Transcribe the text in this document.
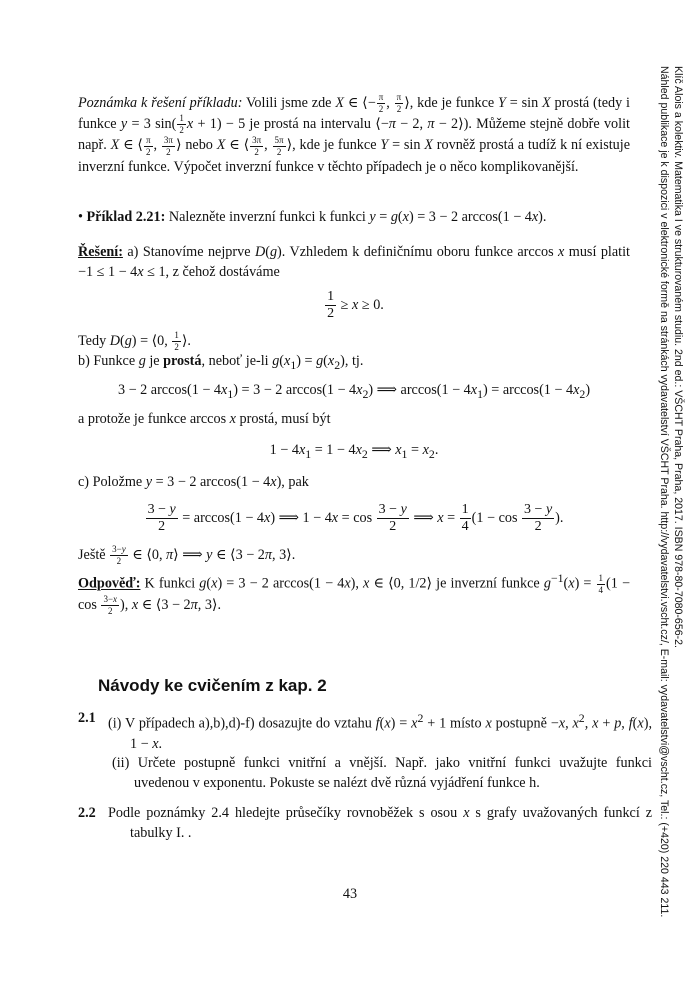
Klíč Alois a kolektiv. Matematika I ve strukturovaném studiu. 2nd ed.: VŠCHT Praha, Praha, 2017. ISBN 978-80-7080-656-2.
Náhled publikace je k dispozici v elektronické formě na stránkách vydavatelství VŠCHT Praha. http://vydavatelstvi.vscht.cz/, E-mail: vydavatelstvi@vscht.cz, Tel.: (+420) 220 443 211.
Poznámka k řešení příkladu: Volili jsme zde X ∈ ⟨− $\frac{\pi}{2}$ , $\frac{\pi}{2}$ ⟩, kde je funkce Y = sin X prostá (tedy i funkce y = 3 $\sin( \frac{1}{2}$ x + 1) − 5 je prostá na intervalu ⟨−π − 2, π − 2⟩). Můžeme stejně dobře volit např. X ∈ ⟨ $\frac{\pi}{2}$ , $\frac{3\pi}{2}$ ⟩ nebo X ∈ ⟨ $\frac{3\pi}{2}$ , $\frac{5\pi}{2}$ ⟩, kde je funkce Y = sin X rovněž prostá a tudíž k ní existuje inverzní funkce. Výpočet inverzní funkce v těchto případech je o něco komplikovanější.
• Příklad 2.21: Nalezněte inverzní funkci k funkci y = g(x) = 3 − 2 arccos(1 − 4x).
Řešení: a) Stanovíme nejprve D(g). Vzhledem k definičnímu oboru funkce arccos x musí platit −1 ≤ 1 − 4x ≤ 1, z čehož dostáváme
$\frac{1}{2} \ge x \ge 0$.
Tedy D(g) = ⟨0, $\frac{1}{2}$ ⟩.
b) Funkce g je prostá, neboť je-li $g(x_1) = g(x_2)$, tj.
3 − 2 $\arccos(1 - 4x_1) = 3 - 2$ $\arccos(1 - 4x_2)$ ⟹ $\arccos(1 - 4x_1) = \arccos(1 - 4x_2)$
a protože je funkce arccos x prostá, musí být
$1 - 4x_1 = 1 - 4x_2$ ⟹ $x_1 = x_2$.
c) Položme y = 3 − 2 arccos(1 − 4x), pak
$\frac{3 - y}{2} = \arccos(1 - 4x)$ ⟹ $1 - 4x = \cos \frac{3 - y}{2}$ ⟹ $x = \frac{1}{4} (1 - \cos \frac{3 - y}{2}$ ).
Ještě $\frac{3-y}{2}$ ∈ ⟨0, π⟩ ⟹ y ∈ ⟨3 − 2π, 3⟩.
Odpověď: K funkci g(x) = 3 − 2 arccos(1 − 4x), x ∈ ⟨0, 1/2⟩ je inverzní funkce $g^{-1}(x) = \frac{1}{4} (1 - \cos \frac{3-x}{2}$ ), x ∈ ⟨3 − 2π, 3⟩.
Návody ke cvičením z kap. 2
2.1 (i) V případech a),b),d)-f) dosazujte do vztahu $f(x) = x^2 + 1$ místo x postupně −x, $x^2$, x + p, f(x), 1 − x.
(ii) Určete postupně funkci vnitřní a vnější. Např. jako vnitřní funkci uvažujte funkci uvedenou v exponentu. Pokuste se nalézt dvě různá vyjádření funkce h.
2.2 Podle poznámky 2.4 hledejte průsečíky rovnoběžek s osou x s grafy uvažovaných funkcí z tabulky I. .
43
